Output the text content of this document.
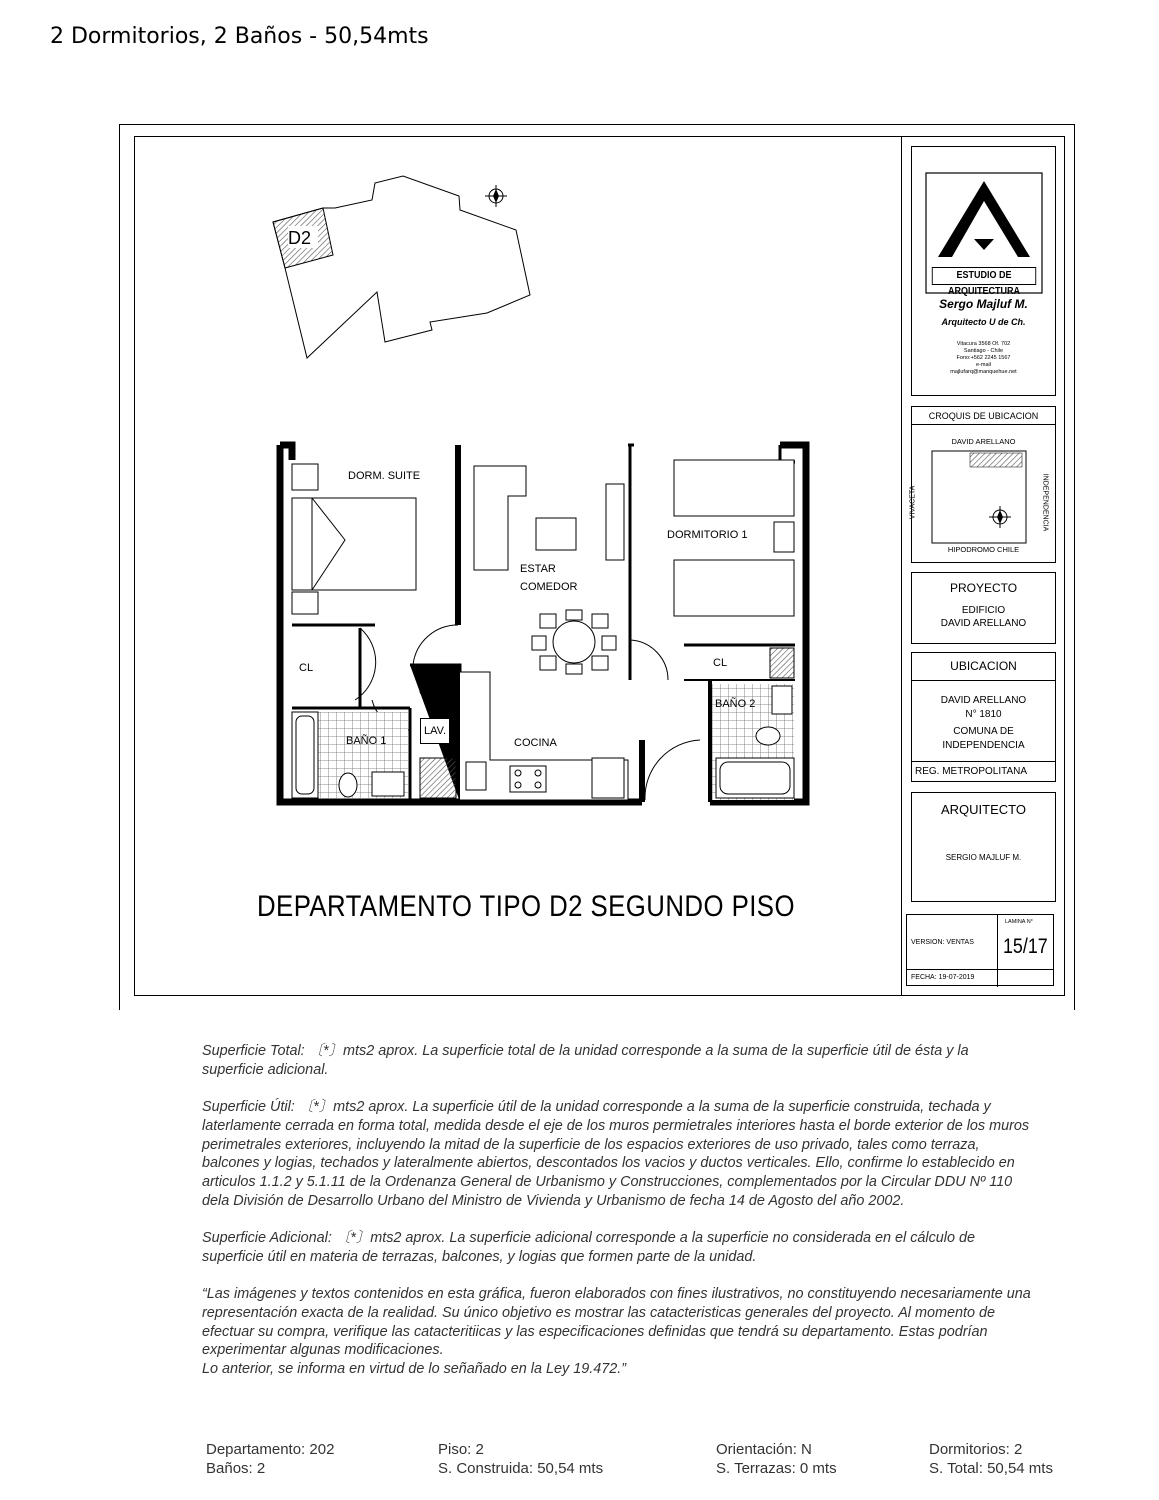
2 Dormitorios, 2 Baños - 50,54mts
D2
DORM. SUITE
ESTAR
COMEDOR
DORMITORIO 1
CL
CL
CL
BAÑO 1
BAÑO 2
LAV.
COCINA
DEPARTAMENTO TIPO D2 SEGUNDO PISO
ESTUDIO DE ARQUITECTURA
Sergo Majluf M.
Arquitecto U de Ch.
Vitacura 3568 Of. 702
Santiago - Chile
Fono:+562 2245 1567
e-mail
majlufarq@manquehue.net
CROQUIS DE UBICACION
DAVID ARELLANO
VIVACETA	INDEPENDENCIA
HIPODROMO CHILE
PROYECTO
EDIFICIO
DAVID ARELLANO
UBICACION
DAVID ARELLANO
N° 1810
COMUNA DE
INDEPENDENCIA
REG. METROPOLITANA
ARQUITECTO
SERGIO MAJLUF M.
LAMINA N°
VERSION: VENTAS 15/17
FECHA: 19-07-2019

Superficie Total: 〔*〕mts2 aprox. La superficie total de la unidad corresponde a la suma de la superficie útil de ésta y la superficie adicional.

Superficie Útil: 〔*〕mts2 aprox. La superficie útil de la unidad corresponde a la suma de la superficie construida, techada y laterlamente cerrada en forma total, medida desde el eje de los muros permietrales interiores hasta el borde exterior de los muros perimetrales exteriores, incluyendo la mitad de la superficie de los espacios exteriores de uso privado, tales como terraza, balcones y logias, techados y lateralmente abiertos, descontados los vacios y ductos verticales. Ello, confirme lo establecido en articulos 1.1.2 y 5.1.11 de la Ordenanza General de Urbanismo y Construcciones, complementados por la Circular DDU Nº 110 dela División de Desarrollo Urbano del Ministro de Vivienda y Urbanismo de fecha 14 de Agosto del año 2002.

Superficie Adicional: 〔*〕mts2 aprox. La superficie adicional corresponde a la superficie no considerada en el cálculo de superficie útil en materia de terrazas, balcones, y logias que formen parte de la unidad.

“Las imágenes y textos contenidos en esta gráfica, fueron elaborados con fines ilustrativos, no constituyendo necesariamente una representación exacta de la realidad. Su único objetivo es mostrar las catacteristicas generales del proyecto. Al momento de efectuar su compra, verifique las catacteritiicas y las especificaciones definidas que tendrá su departamento. Estas podrían experimentar algunas modificaciones.

Lo anterior, se informa en virtud de lo señañado en la Ley 19.472.”

Departamento: 202
Baños: 2
Piso: 2
S. Construida: 50,54 mts
Orientación: N
S. Terrazas: 0 mts
Dormitorios: 2
S. Total: 50,54 mts
